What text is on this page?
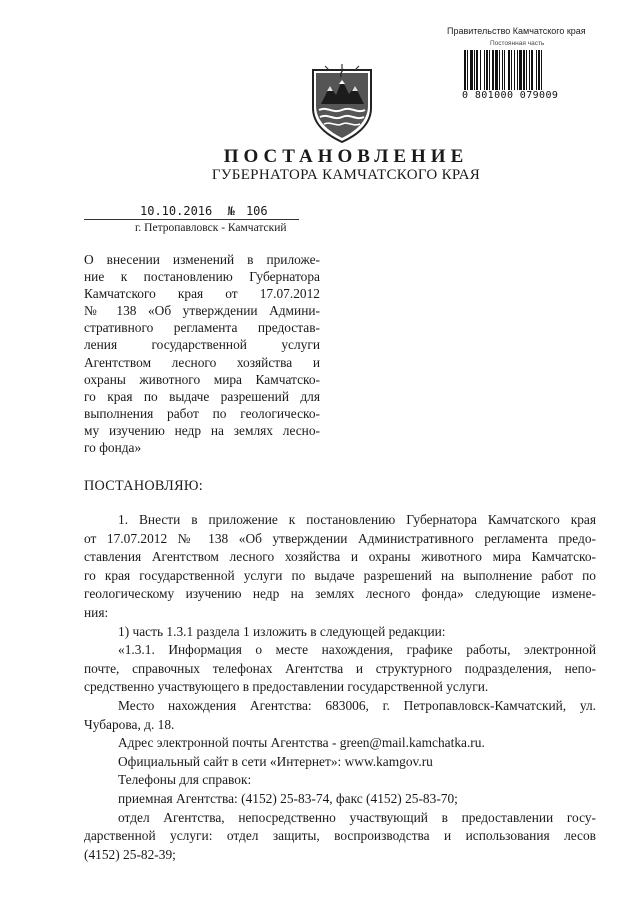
Правительство Камчатского края
Постоянная часть
0 801000 079009
ПОСТАНОВЛЕНИЕ
ГУБЕРНАТОРА КАМЧАТСКОГО КРАЯ
10.10.2016 № 106
г. Петропавловск - Камчатский
О внесении изменений в приложе-
ние к постановлению Губернатора
Камчатского края от 17.07.2012
№ 138 «Об утверждении Админи-
стративного регламента предостав-
ления государственной услуги
Агентством лесного хозяйства и
охраны животного мира Камчатско-
го края по выдаче разрешений для
выполнения работ по геологическо-
му изучению недр на землях лесно-
го фонда»
ПОСТАНОВЛЯЮ:
1. Внести в приложение к постановлению Губернатора Камчатского края
от 17.07.2012 № 138 «Об утверждении Административного регламента предо-
ставления Агентством лесного хозяйства и охраны животного мира Камчатско-
го края государственной услуги по выдаче разрешений на выполнение работ по
геологическому изучению недр на землях лесного фонда» следующие измене-
ния:
1) часть 1.3.1 раздела 1 изложить в следующей редакции:
«1.3.1. Информация о месте нахождения, графике работы, электронной
почте, справочных телефонах Агентства и структурного подразделения, непо-
средственно участвующего в предоставлении государственной услуги.
Место нахождения Агентства: 683006, г. Петропавловск-Камчатский, ул.
Чубарова, д. 18.
Адрес электронной почты Агентства - green@mail.kamchatka.ru.
Официальный сайт в сети «Интернет»: www.kamgov.ru
Телефоны для справок:
приемная Агентства: (4152) 25-83-74, факс (4152) 25-83-70;
отдел Агентства, непосредственно участвующий в предоставлении госу-
дарственной услуги: отдел защиты, воспроизводства и использования лесов
(4152) 25-82-39;
